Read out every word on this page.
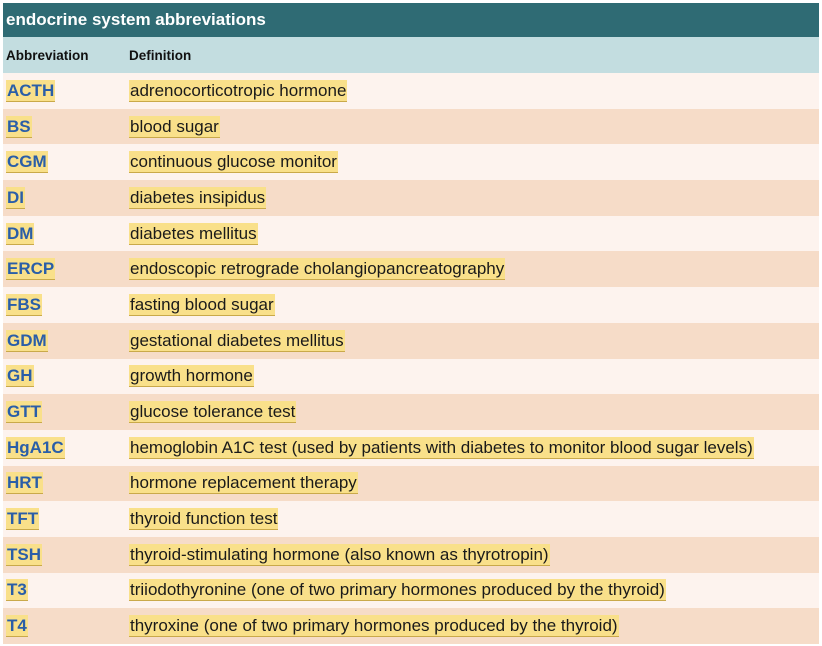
endocrine system abbreviations
Abbreviation	Definition
ACTH	adrenocorticotropic hormone
BS	blood sugar
CGM	continuous glucose monitor
DI	diabetes insipidus
DM	diabetes mellitus
ERCP	endoscopic retrograde cholangiopancreatography
FBS	fasting blood sugar
GDM	gestational diabetes mellitus
GH	growth hormone
GTT	glucose tolerance test
HgA1C	hemoglobin A1C test (used by patients with diabetes to monitor blood sugar levels)
HRT	hormone replacement therapy
TFT	thyroid function test
TSH	thyroid-stimulating hormone (also known as thyrotropin)
T3	triiodothyronine (one of two primary hormones produced by the thyroid)
T4	thyroxine (one of two primary hormones produced by the thyroid)
